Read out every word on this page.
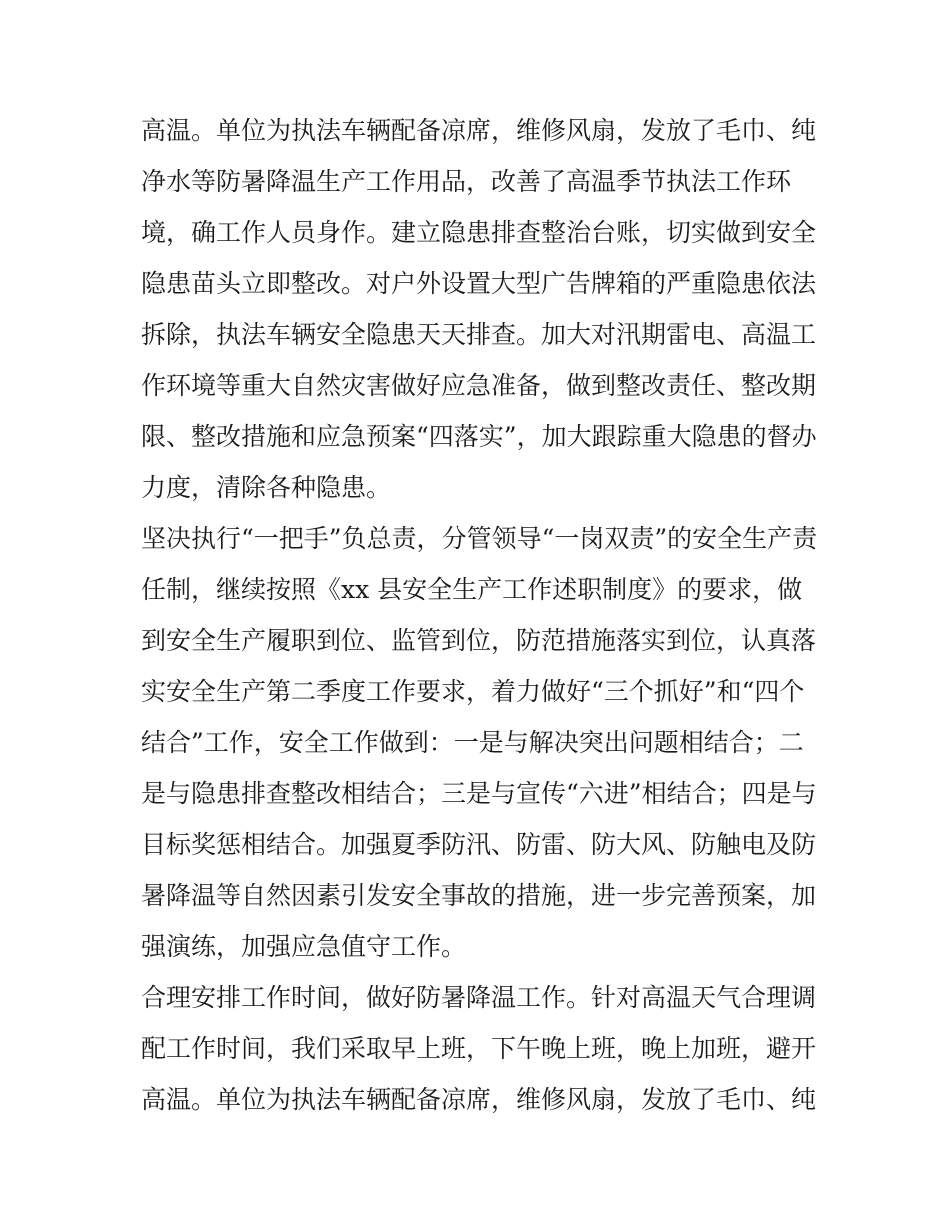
高温。单位为执法车辆配备凉席，维修风扇，发放了毛巾、纯
净水等防暑降温生产工作用品，改善了高温季节执法工作环
境，确工作人员身作。建立隐患排查整治台账，切实做到安全
隐患苗头立即整改。对户外设置大型广告牌箱的严重隐患依法
拆除，执法车辆安全隐患天天排查。加大对汛期雷电、高温工
作环境等重大自然灾害做好应急准备，做到整改责任、整改期
限、整改措施和应急预案“四落实”，加大跟踪重大隐患的督办
力度，清除各种隐患。
坚决执行“一把手”负总责，分管领导“一岗双责”的安全生产责
任制，继续按照《xx 县安全生产工作述职制度》的要求，做
到安全生产履职到位、监管到位，防范措施落实到位，认真落
实安全生产第二季度工作要求，着力做好“三个抓好”和“四个
结合”工作，安全工作做到：一是与解决突出问题相结合；二
是与隐患排查整改相结合；三是与宣传“六进”相结合；四是与
目标奖惩相结合。加强夏季防汛、防雷、防大风、防触电及防
暑降温等自然因素引发安全事故的措施，进一步完善预案，加
强演练，加强应急值守工作。
合理安排工作时间，做好防暑降温工作。针对高温天气合理调
配工作时间，我们采取早上班，下午晚上班，晚上加班，避开
高温。单位为执法车辆配备凉席，维修风扇，发放了毛巾、纯
